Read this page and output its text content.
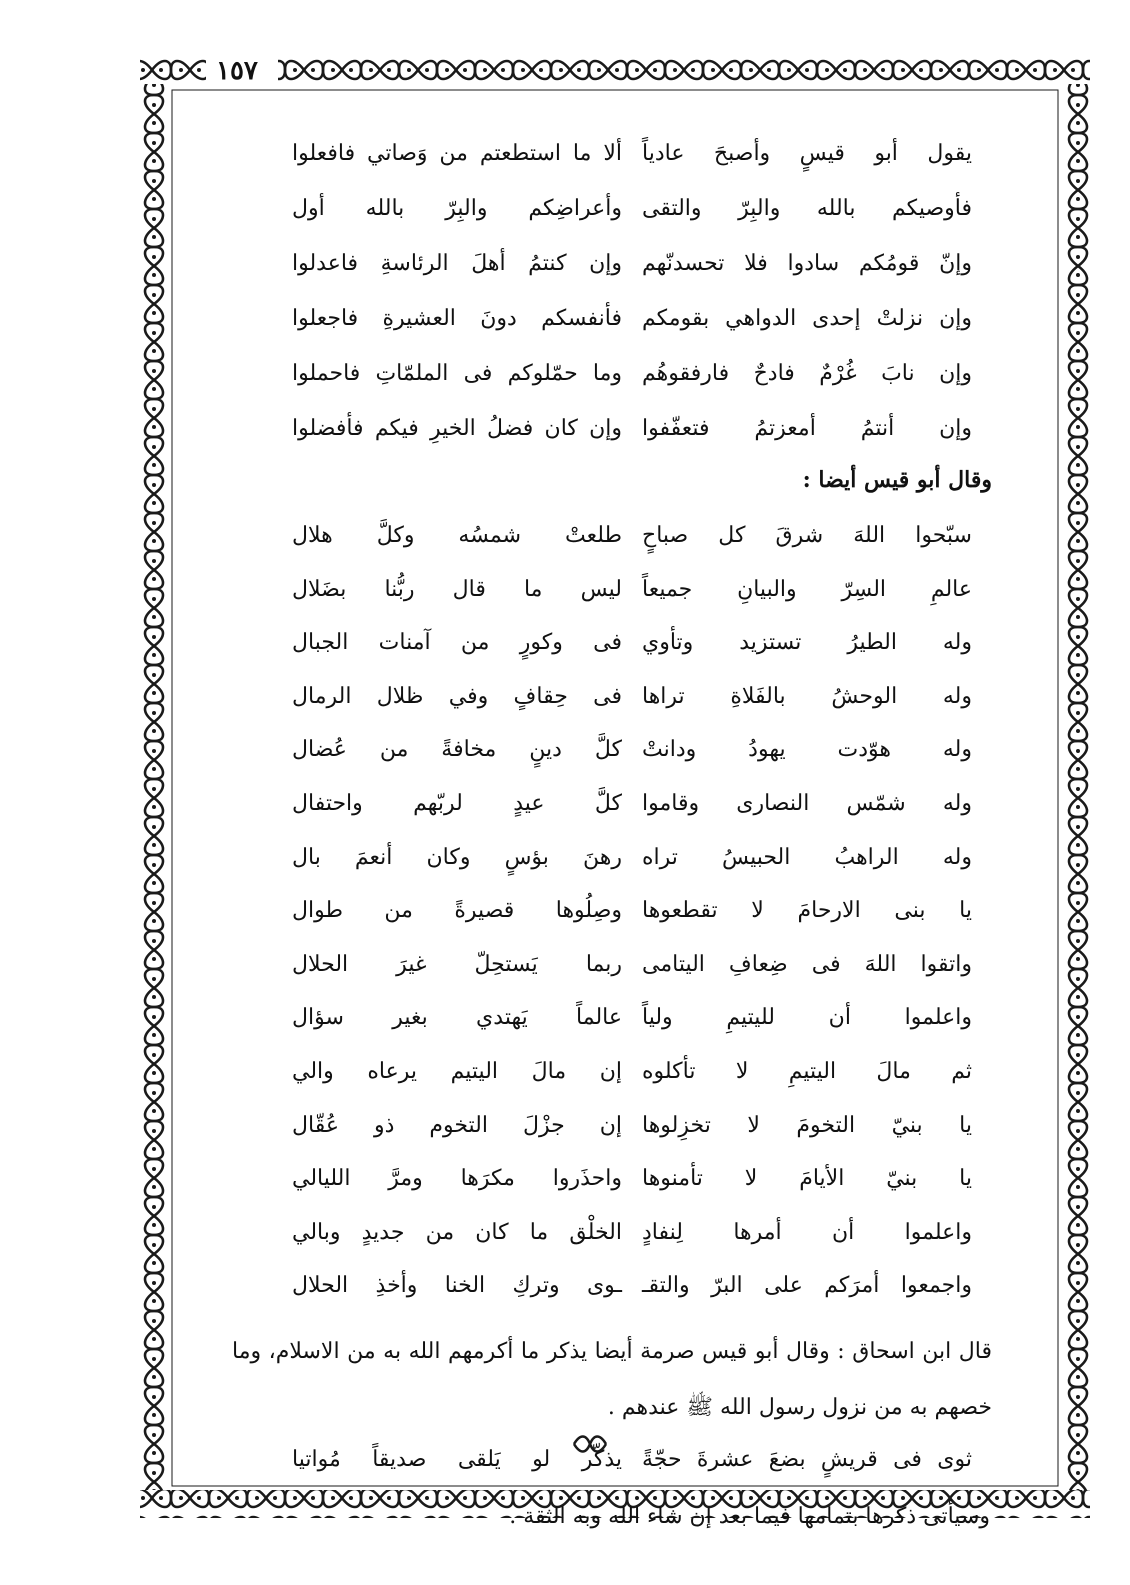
١٥٧
يقول أبو قيسٍ وأصبحَ عادياً
ألا ما استطعتم من وَصاتي فافعلوا
فأوصيكم بالله والبِرّ والتقى
وأعراضِكم والبِرّ بالله أول
وإنّ قومُكم سادوا فلا تحسدنّهم
وإن كنتمُ أهلَ الرئاسةِ فاعدلوا
وإن نزلتْ إحدى الدواهي بقومكم
فأنفسكم دونَ العشيرةِ فاجعلوا
وإن نابَ غُرْمٌ فادحٌ فارفقوهُم
وما حمّلوكم فى الملمّاتِ فاحملوا
وإن أنتمُ أمعزتمُ فتعفّفوا
وإن كان فضلُ الخيرِ فيكم فأفضلوا
وقال أبو قيس أيضا :
سبّحوا اللهَ شرقَ كل صباحٍ
طلعتْ شمسُه وكلَّ هلال
عالمِ السِرّ والبيانِ جميعاً
ليس ما قال ربُّنا بضَلال
وله الطيرُ تستزيد وتأوي
فى وكورٍ من آمنات الجبال
وله الوحشُ بالفَلاةِ تراها
فى حِقافٍ وفي ظلال الرمال
وله هوّدت يهودُ ودانتْ
كلَّ دينٍ مخافةً من عُضال
وله شمّس النصارى وقاموا
كلَّ عيدٍ لربّهم واحتفال
وله الراهبُ الحبيسُ تراه
رهنَ بؤسٍ وكان أنعمَ بال
يا بنى الارحامَ لا تقطعوها
وصِلُوها قصيرةً من طوال
واتقوا اللهَ فى ضِعافِ اليتامى
ربما يَستحِلّ غيرَ الحلال
واعلموا أن لليتيمِ ولياً
عالماً يَهتدي بغير سؤال
ثم مالَ اليتيمِ لا تأكلوه
إن مالَ اليتيم يرعاه والي
يا بنيّ التخومَ لا تخزِلوها
إن جزْلَ التخوم ذو عُقّال
يا بنيّ الأيامَ لا تأمنوها
واحذَروا مكرَها ومرَّ الليالي
واعلموا أن أمرها لِنفادٍ
الخلْق ما كان من جديدٍ وبالي
واجمعوا أمرَكم على البرّ والتقـ
ـوى وتركِ الخنا وأخذِ الحلال
قال ابن اسحاق : وقال أبو قيس صرمة أيضا يذكر ما أكرمهم الله به من الاسلام، وما خصهم به من نزول رسول الله ﷺ عندهم .
ثوى فى قريشٍ بضعَ عشرةَ حجّةً
يذكّر لو يَلقى صديقاً مُواتيا
وسيأتى ذكرها بتمامها فيما بعد إن شاء الله وبه الثقة .
